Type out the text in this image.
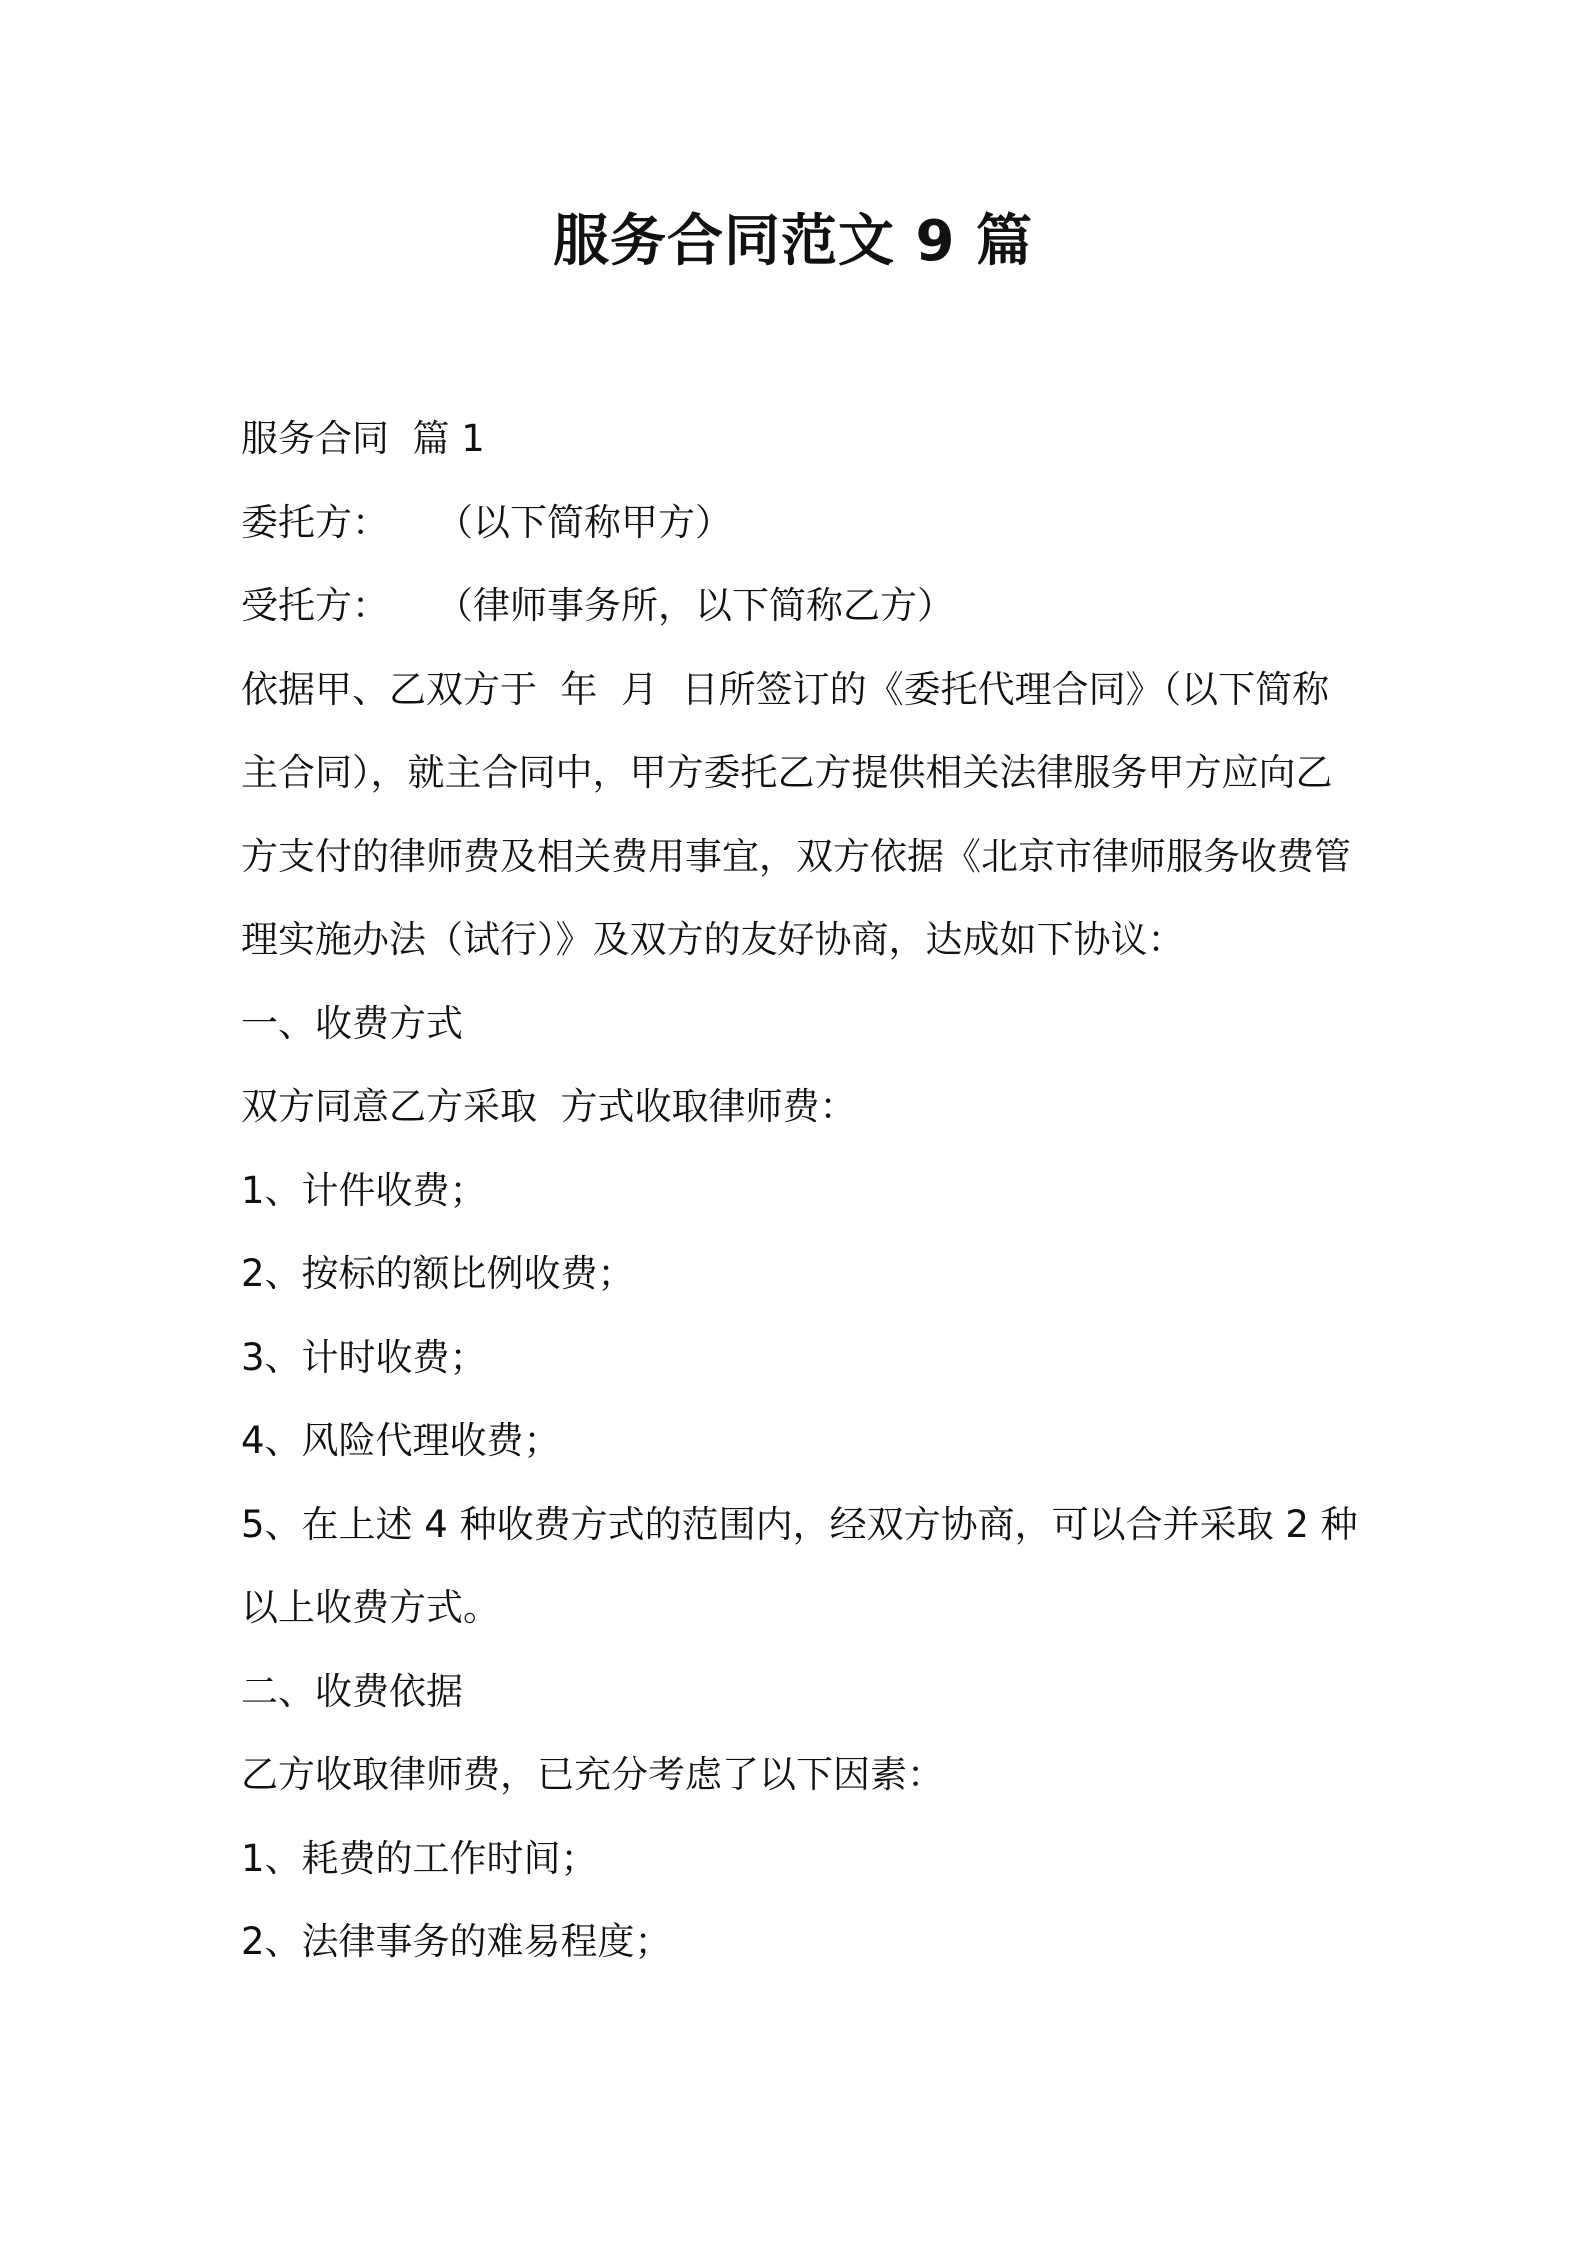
服务合同范文 9 篇

服务合同  篇 1

委托方：    （以下简称甲方）

受托方：    （律师事务所，以下简称乙方）

依据甲、乙双方于  年  月  日所签订的《委托代理合同》（以下简称主合同），就主合同中，甲方委托乙方提供相关法律服务甲方应向乙方支付的律师费及相关费用事宜，双方依据《北京市律师服务收费管理实施办法（试行）》及双方的友好协商，达成如下协议：

一、收费方式

双方同意乙方采取  方式收取律师费：

1、计件收费；

2、按标的额比例收费；

3、计时收费；

4、风险代理收费；

5、在上述 4 种收费方式的范围内，经双方协商，可以合并采取 2 种以上收费方式。

二、收费依据

乙方收取律师费，已充分考虑了以下因素：

1、耗费的工作时间；

2、法律事务的难易程度；
